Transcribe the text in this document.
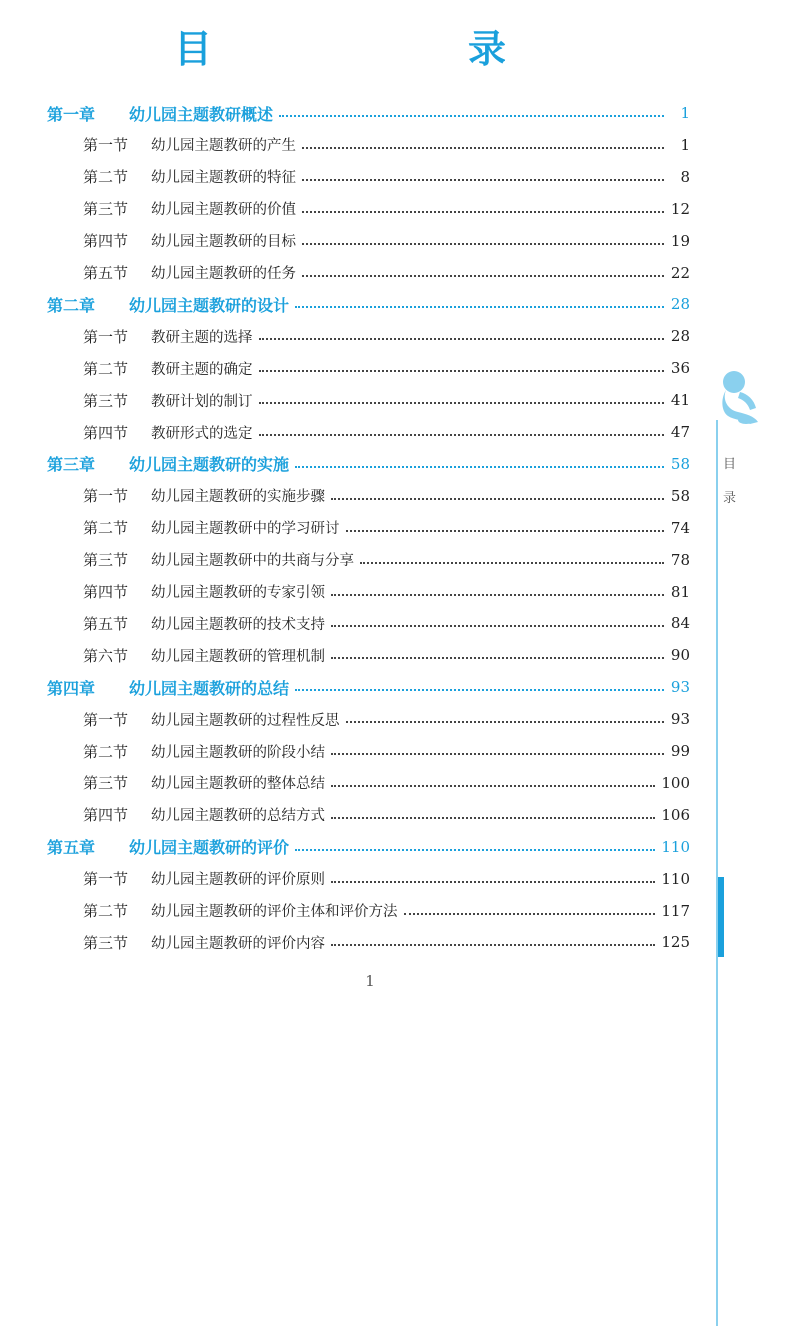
目　　录
第一章	幼儿园主题教研概述	1
第一节	幼儿园主题教研的产生	1
第二节	幼儿园主题教研的特征	8
第三节	幼儿园主题教研的价值	12
第四节	幼儿园主题教研的目标	19
第五节	幼儿园主题教研的任务	22
第二章	幼儿园主题教研的设计	28
第一节	教研主题的选择	28
第二节	教研主题的确定	36
第三节	教研计划的制订	41
第四节	教研形式的选定	47
第三章	幼儿园主题教研的实施	58
第一节	幼儿园主题教研的实施步骤	58
第二节	幼儿园主题教研中的学习研讨	74
第三节	幼儿园主题教研中的共商与分享	78
第四节	幼儿园主题教研的专家引领	81
第五节	幼儿园主题教研的技术支持	84
第六节	幼儿园主题教研的管理机制	90
第四章	幼儿园主题教研的总结	93
第一节	幼儿园主题教研的过程性反思	93
第二节	幼儿园主题教研的阶段小结	99
第三节	幼儿园主题教研的整体总结	100
第四节	幼儿园主题教研的总结方式	106
第五章	幼儿园主题教研的评价	110
第一节	幼儿园主题教研的评价原则	110
第二节	幼儿园主题教研的评价主体和评价方法	117
第三节	幼儿园主题教研的评价内容	125
目
录
1
